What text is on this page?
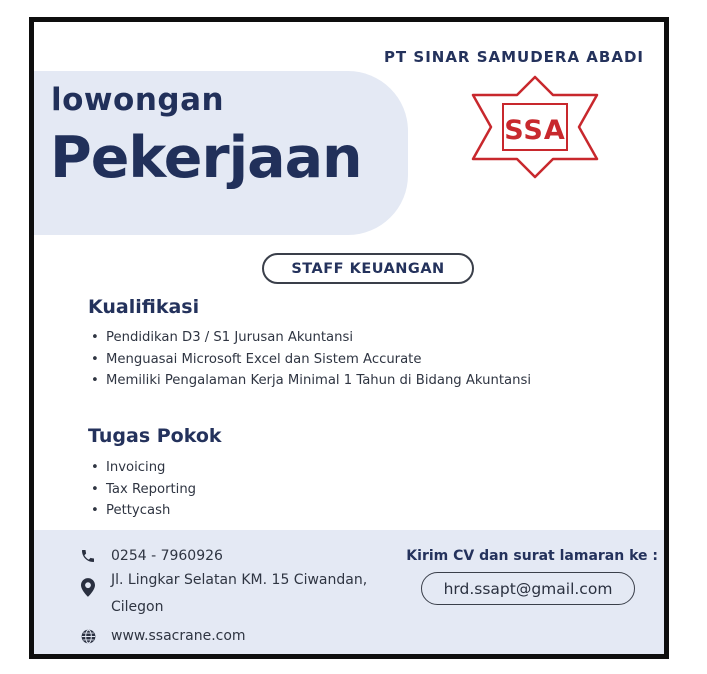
PT SINAR SAMUDERA ABADI

lowongan
Pekerjaan	SSA
STAFF KEUANGAN
Kualifikasi
• Pendidikan D3 / S1 Jurusan Akuntansi
• Menguasai Microsoft Excel dan Sistem Accurate
• Memiliki Pengalaman Kerja Minimal 1 Tahun di Bidang Akuntansi
Tugas Pokok
• Invoicing
• Tax Reporting
• Pettycash
0254 - 7960926
Jl. Lingkar Selatan KM. 15 Ciwandan,
Cilegon
www.ssacrane.com

Kirim CV dan surat lamaran ke :

hrd.ssapt@gmail.com
